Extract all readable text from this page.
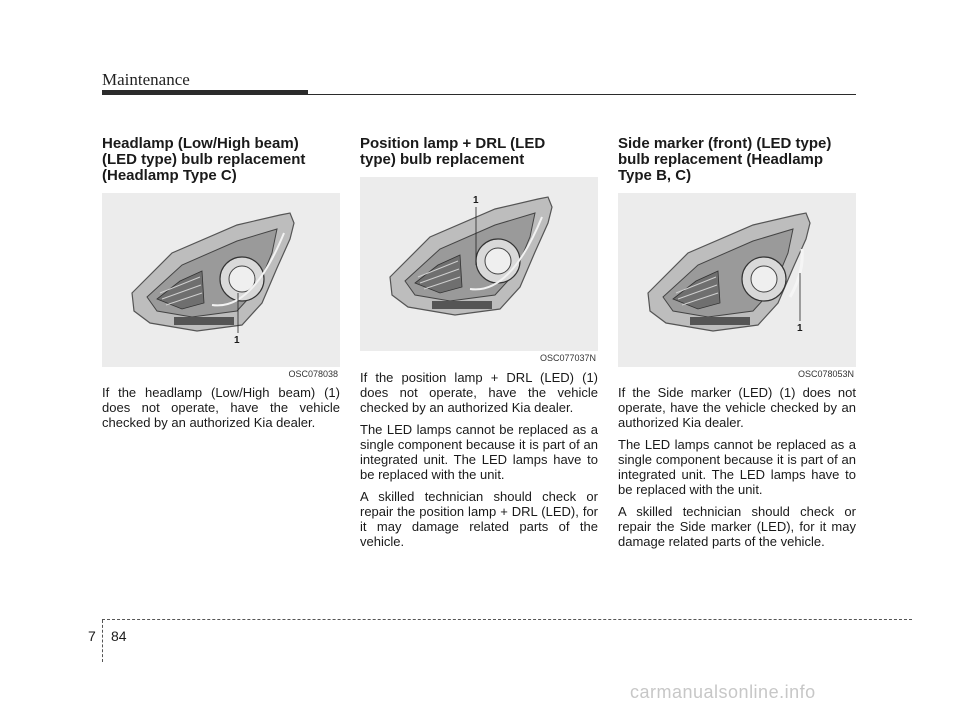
Maintenance
Headlamp (Low/High beam)
(LED type) bulb replacement
(Headlamp Type C)
1
OSC078038

If the headlamp (Low/High beam) (1) does not operate, have the vehicle checked by an authorized Kia dealer.

Position lamp + DRL (LED
type) bulb replacement
1
OSC077037N

If the position lamp + DRL (LED) (1) does not operate, have the vehicle checked by an authorized Kia dealer.

The LED lamps cannot be replaced as a single component because it is part of an integrated unit. The LED lamps have to be replaced with the unit.

A skilled technician should check or repair the position lamp + DRL (LED), for it may damage related parts of the vehicle.

Side marker (front) (LED type)
bulb replacement (Headlamp
Type B, C)
1
OSC078053N

If the Side marker (LED) (1) does not operate, have the vehicle checked by an authorized Kia dealer.

The LED lamps cannot be replaced as a single component because it is part of an integrated unit. The LED lamps have to be replaced with the unit.

A skilled technician should check or repair the Side marker (LED), for it may damage related parts of the vehicle.

7 84
carmanualsonline.info
